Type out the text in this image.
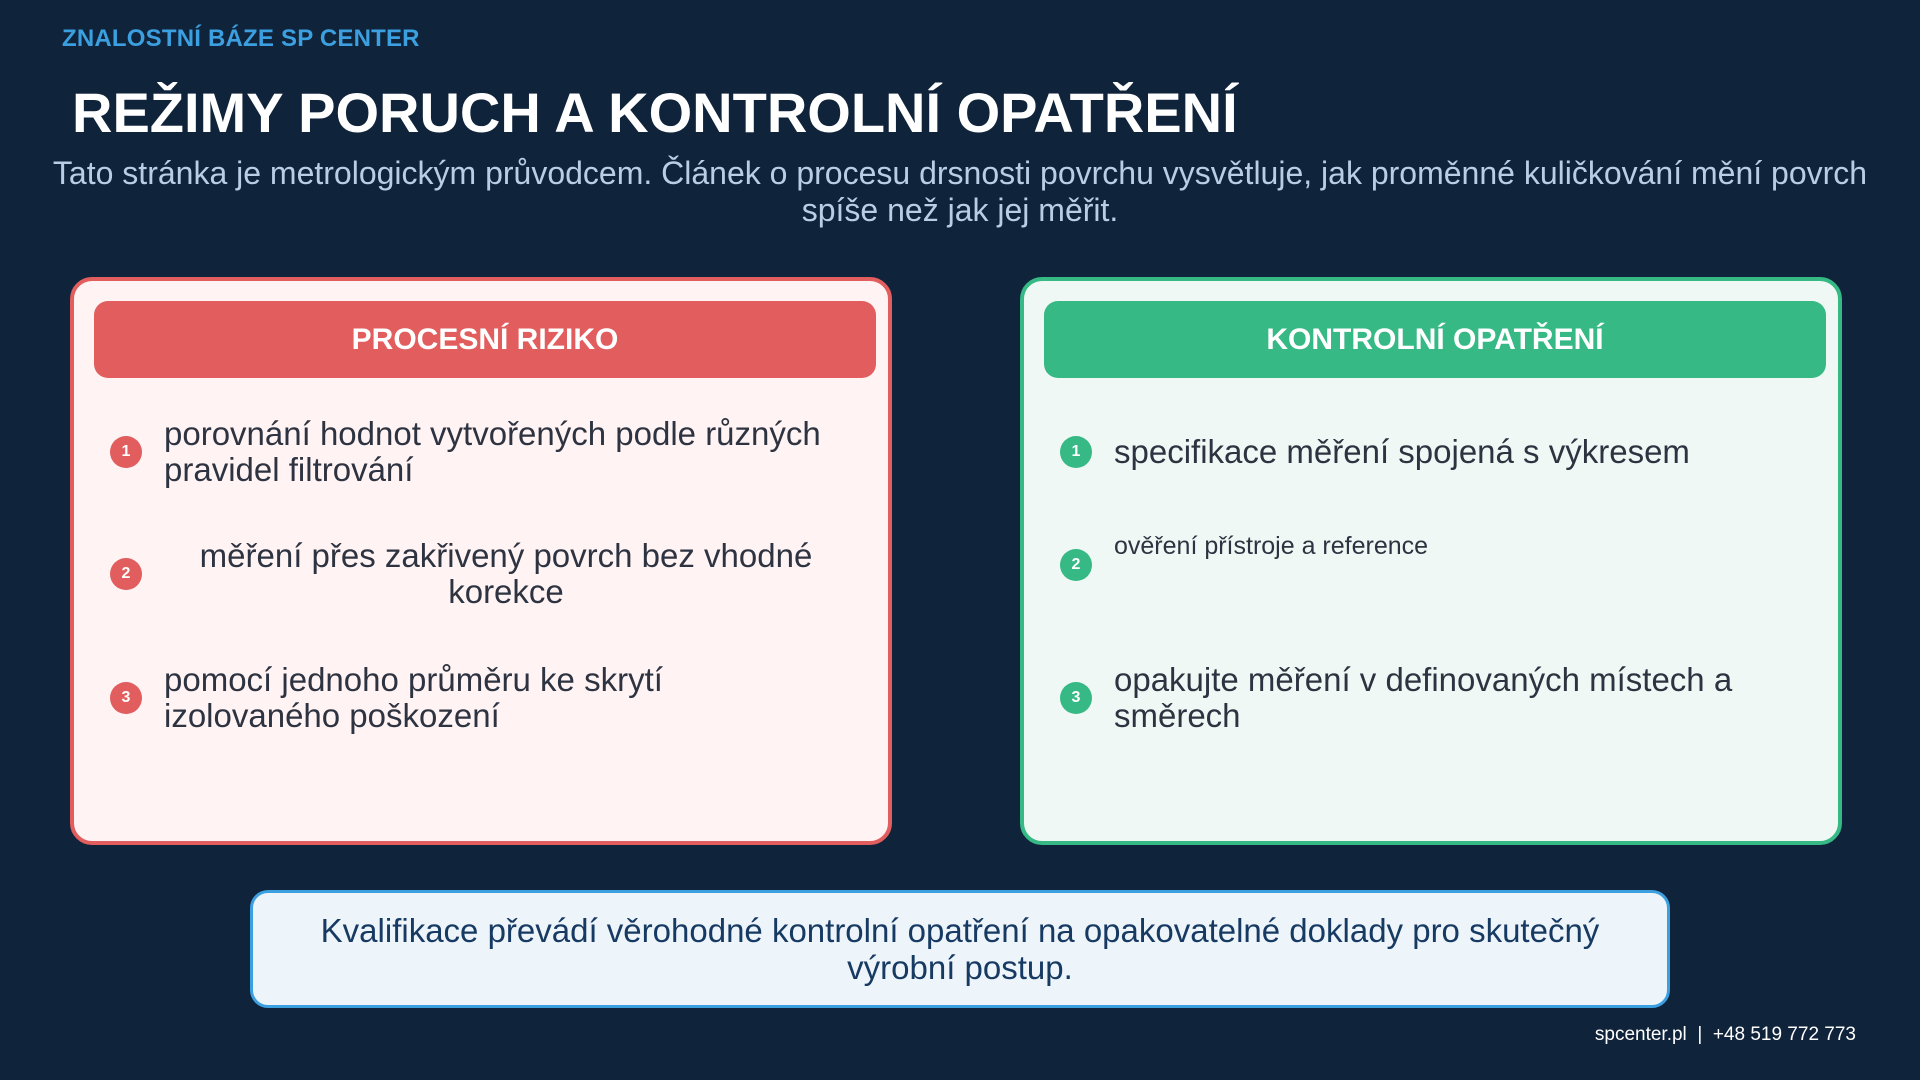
ZNALOSTNÍ BÁZE SP CENTER
REŽIMY PORUCH A KONTROLNÍ OPATŘENÍ
Tato stránka je metrologickým průvodcem. Článek o procesu drsnosti povrchu vysvětluje, jak proměnné kuličkování mění povrch spíše než jak jej měřit.
PROCESNÍ RIZIKO
1	porovnání hodnot vytvořených podle různých pravidel filtrování
2	měření přes zakřivený povrch bez vhodné korekce
3	pomocí jednoho průměru ke skrytí izolovaného poškození
KONTROLNÍ OPATŘENÍ
1	specifikace měření spojená s výkresem
2
ověření přístroje a reference
3	opakujte měření v definovaných místech a směrech
Kvalifikace převádí věrohodné kontrolní opatření na opakovatelné doklady pro skutečný výrobní postup.
spcenter.pl  |  +48 519 772 773
